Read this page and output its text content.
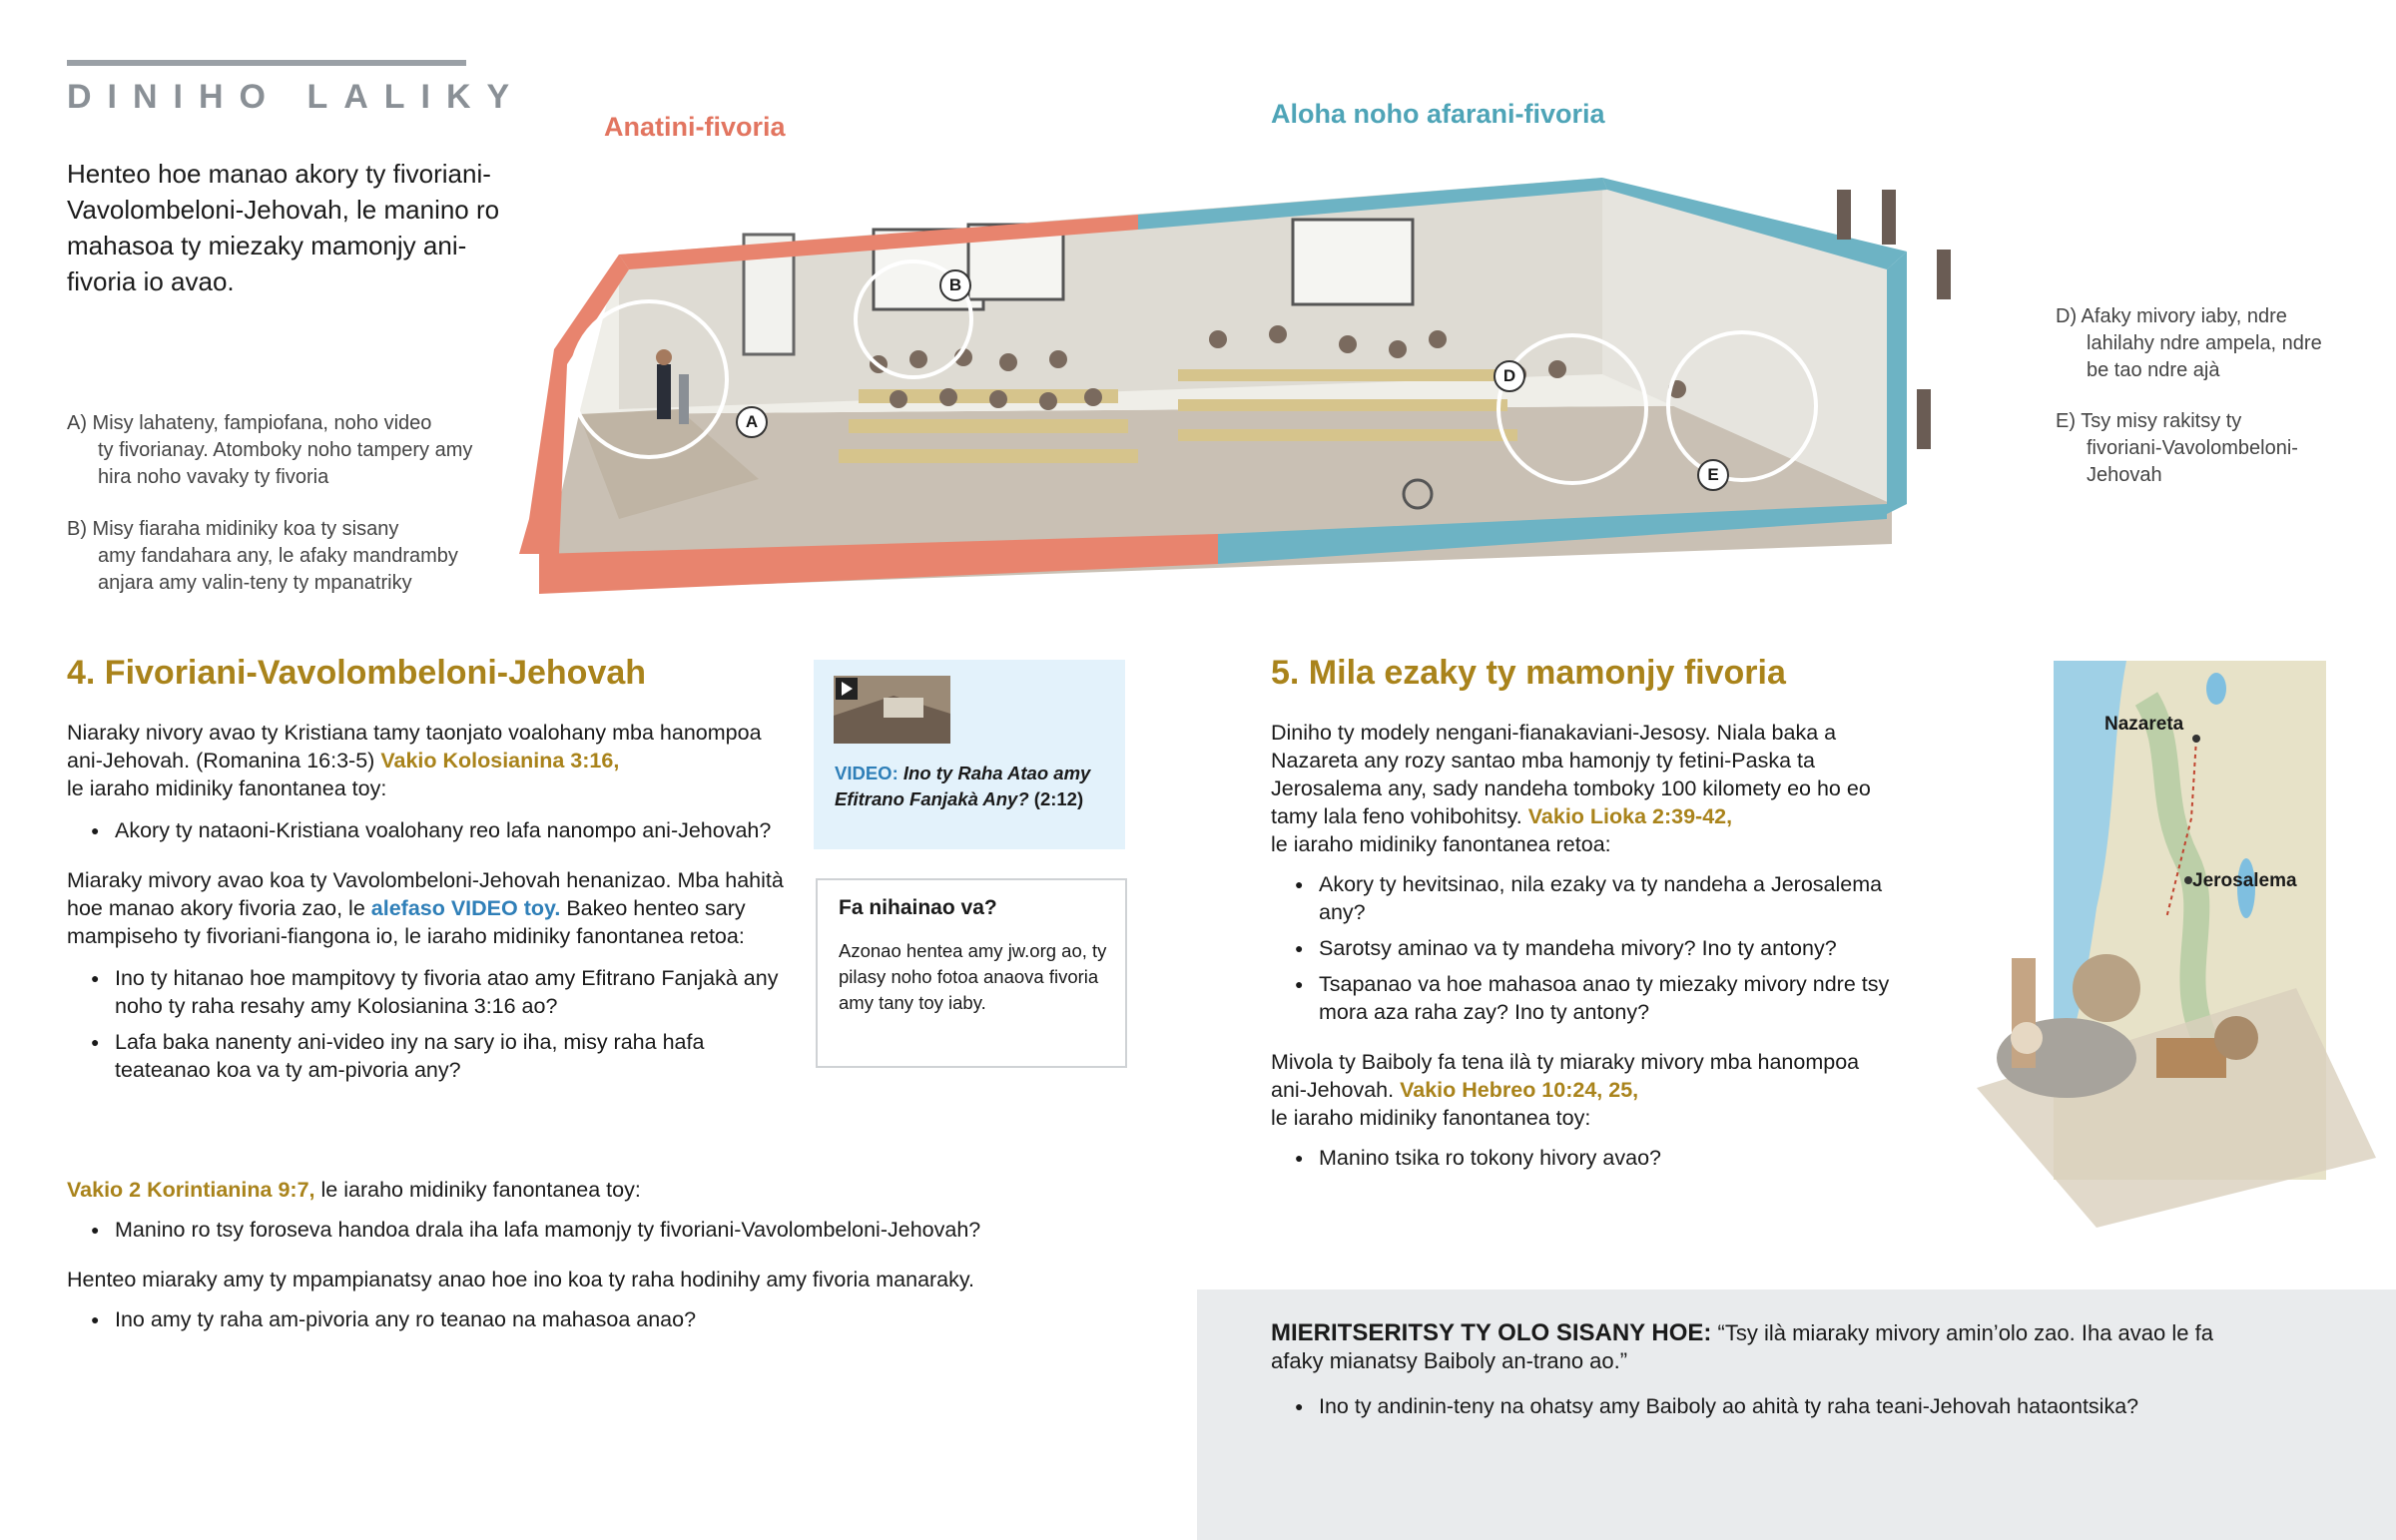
DINIHO LALIKY
Henteo hoe manao akory ty fivoriani-Vavolombeloni-Jehovah, le manino ro mahasoa ty miezaky mamonjy ani-fivoria io avao.
Anatini-fivoria	Aloha noho afarani-fivoria
A
B
D
E
A) Misy lahateny, fampiofana, noho video
ty fivorianay. Atomboky noho tampery amy hira noho vavaky ty fivoria
B) Misy fiaraha midiniky koa ty sisany
amy fandahara any, le afaky mandramby anjara amy valin-teny ty mpanatriky
D) Afaky mivory iaby, ndre
lahilahy ndre ampela, ndre be tao ndre ajà
E) Tsy misy rakitsy ty
fivoriani-Vavolombeloni-Jehovah
4. Fivoriani-Vavolombeloni-Jehovah

Niaraky nivory avao ty Kristiana tamy taonjato voalohany mba hanompoa ani-Jehovah. (Romanina 16:3-5) Vakio Kolosianina 3:16,
le iaraho midiniky fanontanea toy:

● Akory ty nataoni-Kristiana voalohany reo lafa nanompo ani-Jehovah?

Miaraky mivory avao koa ty Vavolombeloni-Jehovah henanizao. Mba hahità hoe manao akory fivoria zao, le alefaso VIDEO toy. Bakeo henteo sary mampiseho ty fivoriani-fiangona io, le iaraho midiniky fanontanea retoa:

● Ino ty hitanao hoe mampitovy ty fivoria atao amy Efitrano Fanjakà any noho ty raha resahy amy Kolosianina 3:16 ao?
● Lafa baka nanenty ani-video iny na sary io iha, misy raha hafa teateanao koa va ty am-pivoria any?

Vakio 2 Korintianina 9:7, le iaraho midiniky fanontanea toy:

● Manino ro tsy foroseva handoa drala iha lafa mamonjy ty fivoriani-Vavolombeloni-Jehovah?

Henteo miaraky amy ty mpampianatsy anao hoe ino koa ty raha hodinihy amy fivoria manaraky.

● Ino amy ty raha am-pivoria any ro teanao na mahasoa anao?
VIDEO: Ino ty Raha Atao amy Efitrano Fanjakà Any? (2:12)
Fa nihainao va?
Azonao hentea amy jw.org ao, ty pilasy noho fotoa anaova fivoria amy tany toy iaby.
5. Mila ezaky ty mamonjy fivoria

Diniho ty modely nengani-fianakaviani-Jesosy. Niala baka a Nazareta any rozy santao mba hamonjy ty fetini-Paska ta Jerosalema any, sady nandeha tomboky 100 kilomety eo ho eo tamy lala feno vohibohitsy. Vakio Lioka 2:39-42,
le iaraho midiniky fanontanea retoa:

● Akory ty hevitsinao, nila ezaky va ty nandeha a Jerosalema any?
● Sarotsy aminao va ty mandeha mivory? Ino ty antony?
● Tsapanao va hoe mahasoa anao ty miezaky mivory ndre tsy mora aza raha zay? Ino ty antony?

Mivola ty Baiboly fa tena ilà ty miaraky mivory mba hanompoa ani-Jehovah. Vakio Hebreo 10:24, 25,
le iaraho midiniky fanontanea toy:

● Manino tsika ro tokony hivory avao?
Nazareta
Jerosalema
MIERITSERITSY TY OLO SISANY HOE: “Tsy ilà miaraky mivory amin’olo zao. Iha avao le fa afaky mianatsy Baiboly an-trano ao.”
● Ino ty andinin-teny na ohatsy amy Baiboly ao ahità ty raha teani-Jehovah hataontsika?
